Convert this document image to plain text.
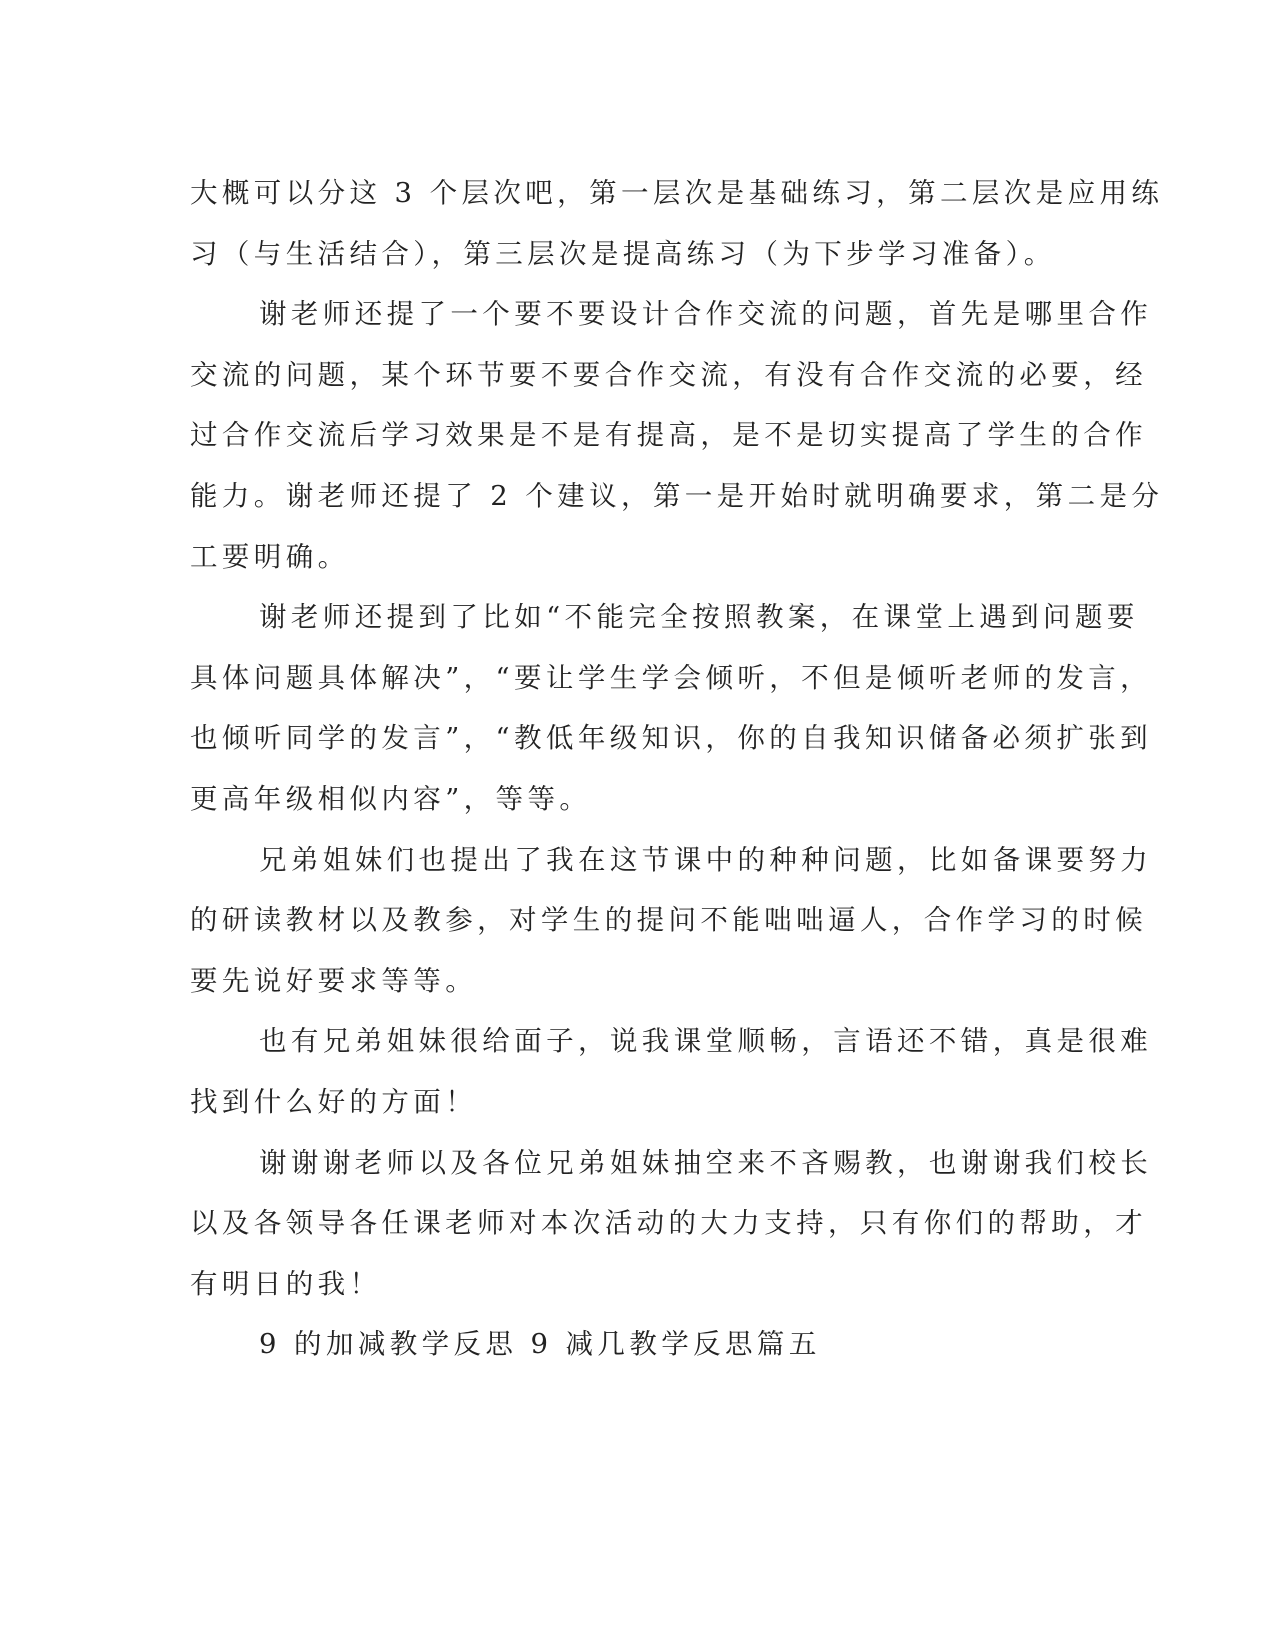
大概可以分这 3 个层次吧，第一层次是基础练习，第二层次是应用练
习（与生活结合），第三层次是提高练习（为下步学习准备）。

谢老师还提了一个要不要设计合作交流的问题，首先是哪里合作
交流的问题，某个环节要不要合作交流，有没有合作交流的必要，经
过合作交流后学习效果是不是有提高，是不是切实提高了学生的合作
能力。谢老师还提了 2 个建议，第一是开始时就明确要求，第二是分
工要明确。

谢老师还提到了比如“不能完全按照教案，在课堂上遇到问题要
具体问题具体解决”，“要让学生学会倾听，不但是倾听老师的发言，
也倾听同学的发言”，“教低年级知识，你的自我知识储备必须扩张到
更高年级相似内容”，等等。

兄弟姐妹们也提出了我在这节课中的种种问题，比如备课要努力
的研读教材以及教参，对学生的提问不能咄咄逼人，合作学习的时候
要先说好要求等等。

也有兄弟姐妹很给面子，说我课堂顺畅，言语还不错，真是很难
找到什么好的方面！

谢谢谢老师以及各位兄弟姐妹抽空来不吝赐教，也谢谢我们校长
以及各领导各任课老师对本次活动的大力支持，只有你们的帮助，才
有明日的我！

9 的加减教学反思 9 减几教学反思篇五
